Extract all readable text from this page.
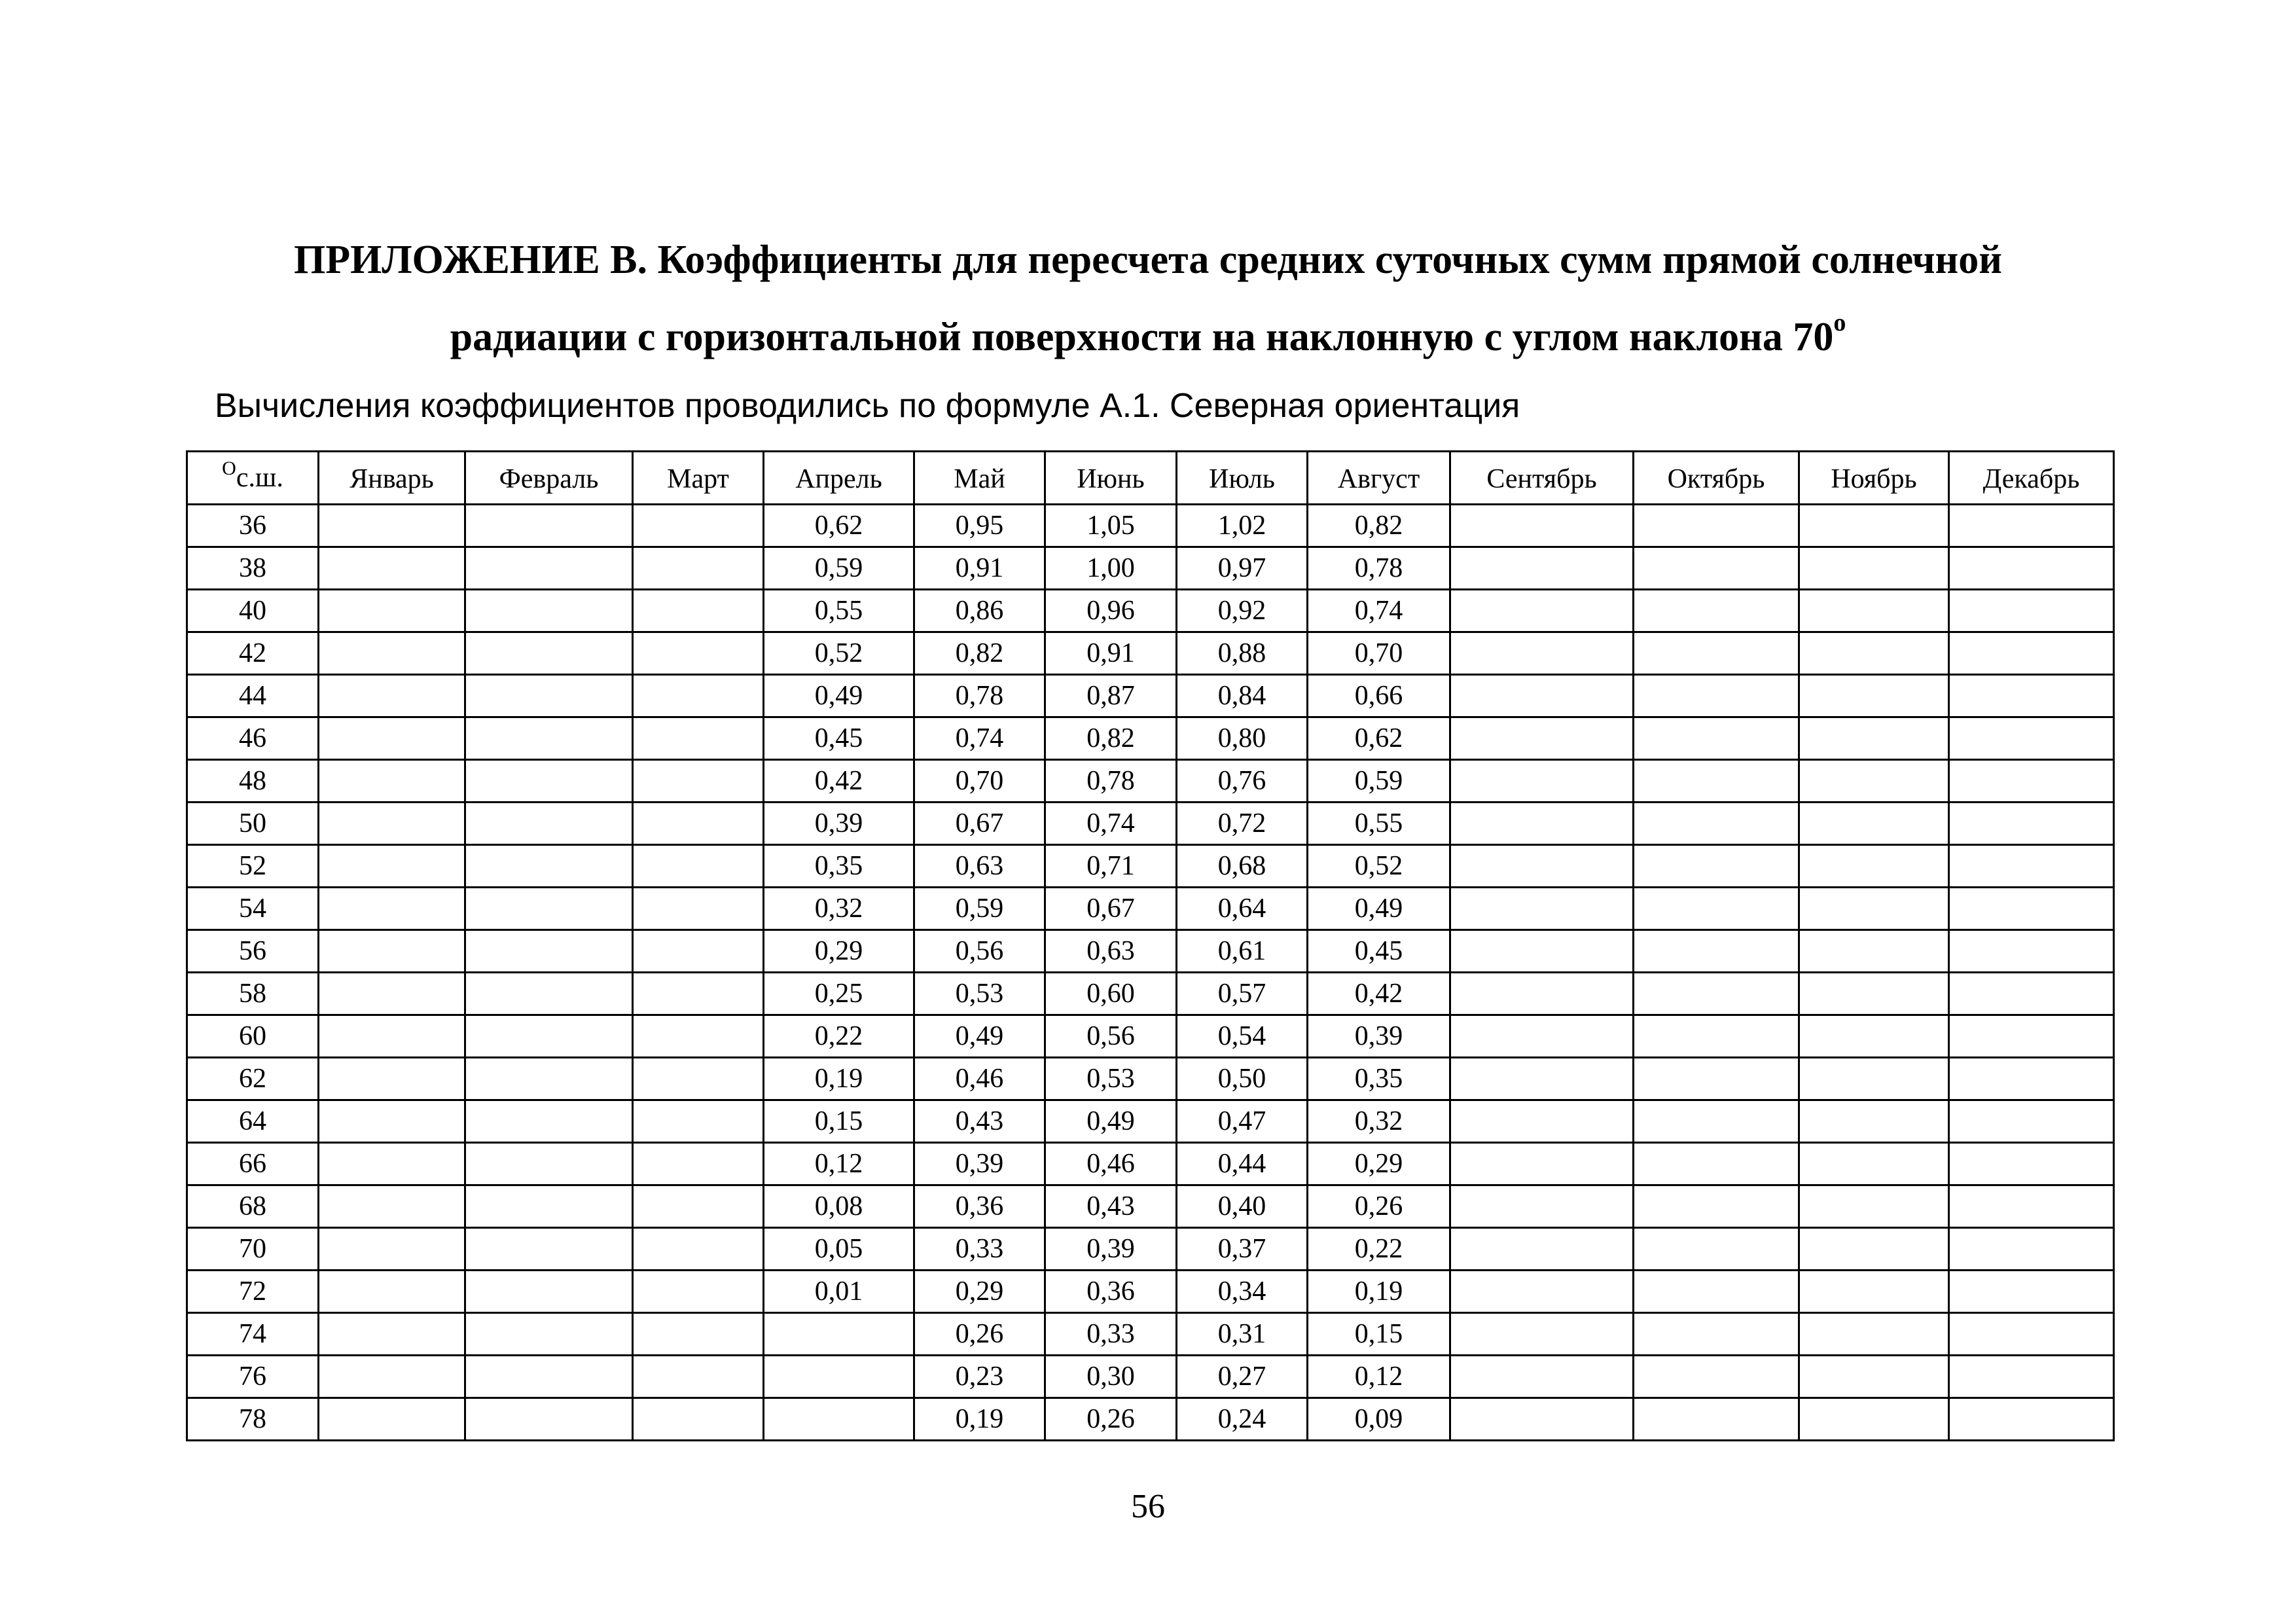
ПРИЛОЖЕНИЕ В. Коэффициенты для пересчета средних суточных сумм прямой солнечной
радиации с горизонтальной поверхности на наклонную с углом наклона $70^о$
Вычисления коэффициентов проводились по формуле А.1. Северная ориентация
$^О$с.ш.	Январь	Февраль	Март	Апрель	Май	Июнь	Июль	Август	Сентябрь	Октябрь	Ноябрь	Декабрь
36				0,62	0,95	1,05	1,02	0,82				
38				0,59	0,91	1,00	0,97	0,78				
40				0,55	0,86	0,96	0,92	0,74				
42				0,52	0,82	0,91	0,88	0,70				
44				0,49	0,78	0,87	0,84	0,66				
46				0,45	0,74	0,82	0,80	0,62				
48				0,42	0,70	0,78	0,76	0,59				
50				0,39	0,67	0,74	0,72	0,55				
52				0,35	0,63	0,71	0,68	0,52				
54				0,32	0,59	0,67	0,64	0,49				
56				0,29	0,56	0,63	0,61	0,45				
58				0,25	0,53	0,60	0,57	0,42				
60				0,22	0,49	0,56	0,54	0,39				
62				0,19	0,46	0,53	0,50	0,35				
64				0,15	0,43	0,49	0,47	0,32				
66				0,12	0,39	0,46	0,44	0,29				
68				0,08	0,36	0,43	0,40	0,26				
70				0,05	0,33	0,39	0,37	0,22				
72				0,01	0,29	0,36	0,34	0,19				
74					0,26	0,33	0,31	0,15				
76					0,23	0,30	0,27	0,12				
78					0,19	0,26	0,24	0,09				
56
